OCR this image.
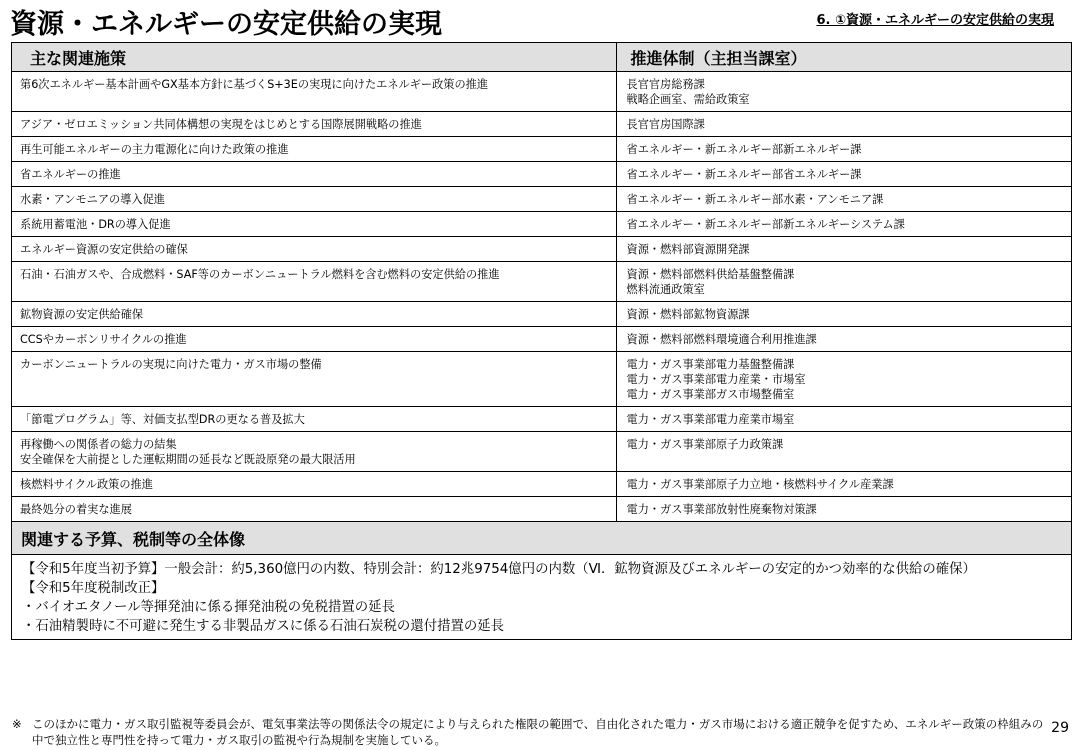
資源・エネルギーの安定供給の実現	6. ①資源・エネルギーの安定供給の実現
主な関連施策	推進体制（主担当課室）
第6次エネルギー基本計画やGX基本方針に基づくS+3Eの実現に向けたエネルギー政策の推進	長官官房総務課
戦略企画室、需給政策室
アジア・ゼロエミッション共同体構想の実現をはじめとする国際展開戦略の推進	長官官房国際課
再生可能エネルギーの主力電源化に向けた政策の推進	省エネルギー・新エネルギー部新エネルギー課
省エネルギーの推進	省エネルギー・新エネルギー部省エネルギー課
水素・アンモニアの導入促進	省エネルギー・新エネルギー部水素・アンモニア課
系統用蓄電池・DRの導入促進	省エネルギー・新エネルギー部新エネルギーシステム課
エネルギー資源の安定供給の確保	資源・燃料部資源開発課
石油・石油ガスや、合成燃料・SAF等のカーボンニュートラル燃料を含む燃料の安定供給の推進	資源・燃料部燃料供給基盤整備課
燃料流通政策室
鉱物資源の安定供給確保	資源・燃料部鉱物資源課
CCSやカーボンリサイクルの推進	資源・燃料部燃料環境適合利用推進課
カーボンニュートラルの実現に向けた電力・ガス市場の整備	電力・ガス事業部電力基盤整備課
電力・ガス事業部電力産業・市場室
電力・ガス事業部ガス市場整備室
「節電プログラム」等、対価支払型DRの更なる普及拡大	電力・ガス事業部電力産業市場室
再稼働への関係者の総力の結集
安全確保を大前提とした運転期間の延長など既設原発の最大限活用	電力・ガス事業部原子力政策課
核燃料サイクル政策の推進	電力・ガス事業部原子力立地・核燃料サイクル産業課
最終処分の着実な進展	電力・ガス事業部放射性廃棄物対策課
関連する予算、税制等の全体像
【令和5年度当初予算】一般会計：約5,360億円の内数、特別会計：約12兆9754億円の内数（Ⅵ．鉱物資源及びエネルギーの安定的かつ効率的な供給の確保）
【令和5年度税制改正】
・バイオエタノール等揮発油に係る揮発油税の免税措置の延長
・石油精製時に不可避に発生する非製品ガスに係る石油石炭税の還付措置の延長
※ このほかに電力・ガス取引監視等委員会が、電気事業法等の関係法令の規定により与えられた権限の範囲で、自由化された電力・ガス市場における適正競争を促すため、エネルギー政策の枠組みの中で独立性と専門性を持って電力・ガス取引の監視や行為規制を実施している。
29
